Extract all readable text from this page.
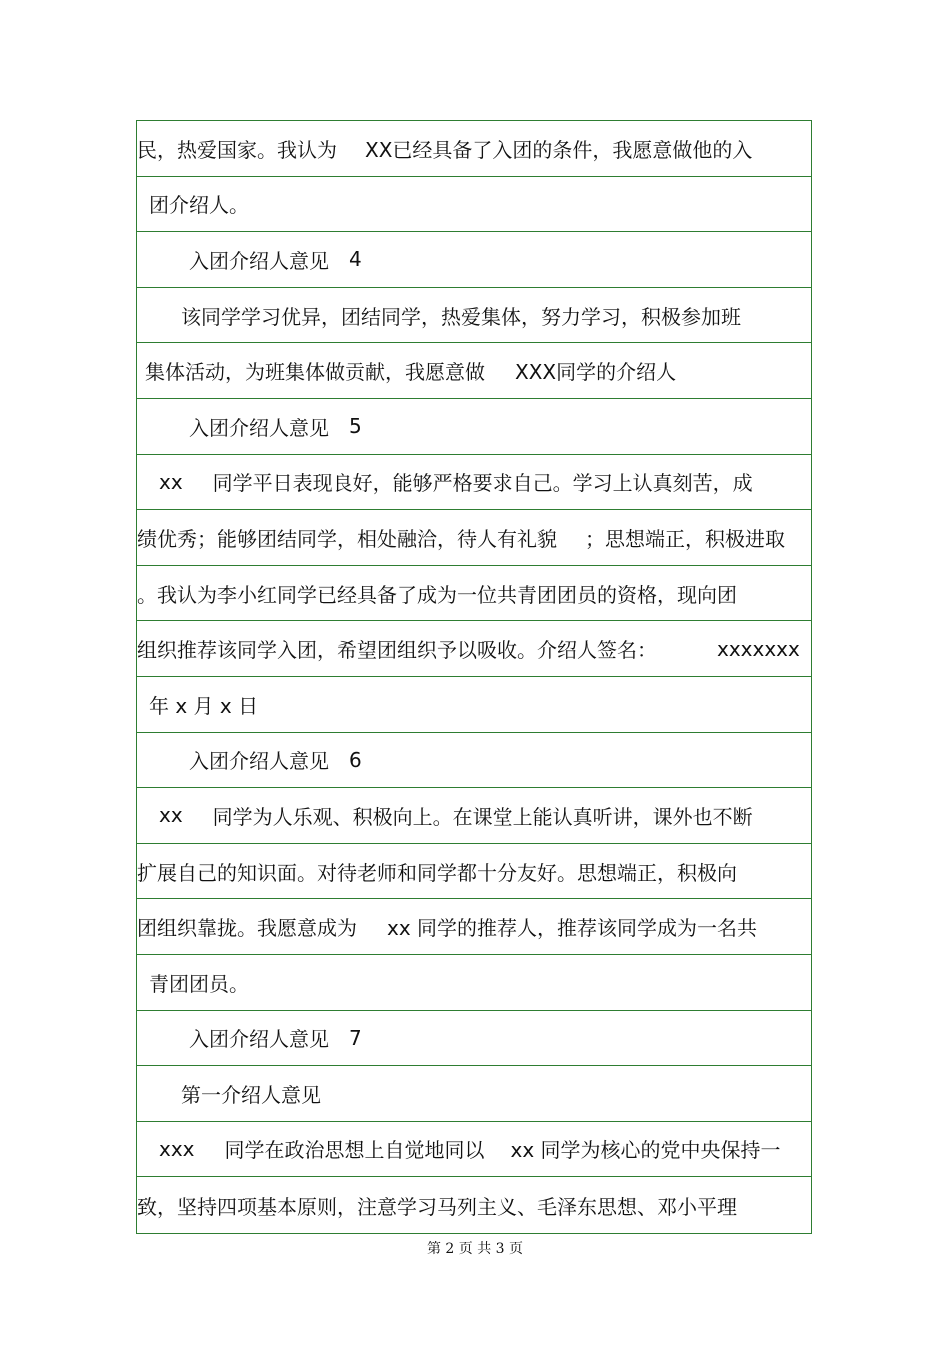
民，热爱国家。我认为 XX已经具备了入团的条件，我愿意做他的入
团介绍人。
入团介绍人意见 4
该同学学习优异，团结同学，热爱集体，努力学习，积极参加班
集体活动，为班集体做贡献，我愿意做 XXX同学的介绍人
入团介绍人意见 5
xx 同学平日表现良好，能够严格要求自己。学习上认真刻苦，成
绩优秀；能够团结同学，相处融洽，待人有礼貌 ；思想端正，积极进取
。我认为李小红同学已经具备了成为一位共青团团员的资格，现向团
组织推荐该同学入团，希望团组织予以吸收。介绍人签名：	xxxxxxx
年 x 月 x 日
入团介绍人意见 6
xx 同学为人乐观、积极向上。在课堂上能认真听讲，课外也不断
扩展自己的知识面。对待老师和同学都十分友好。思想端正，积极向
团组织靠拢。我愿意成为 xx 同学的推荐人，推荐该同学成为一名共
青团团员。
入团介绍人意见 7
第一介绍人意见
xxx 同学在政治思想上自觉地同以 xx 同学为核心的党中央保持一
致，坚持四项基本原则，注意学习马列主义、毛泽东思想、邓小平理
第 2 页 共 3 页
